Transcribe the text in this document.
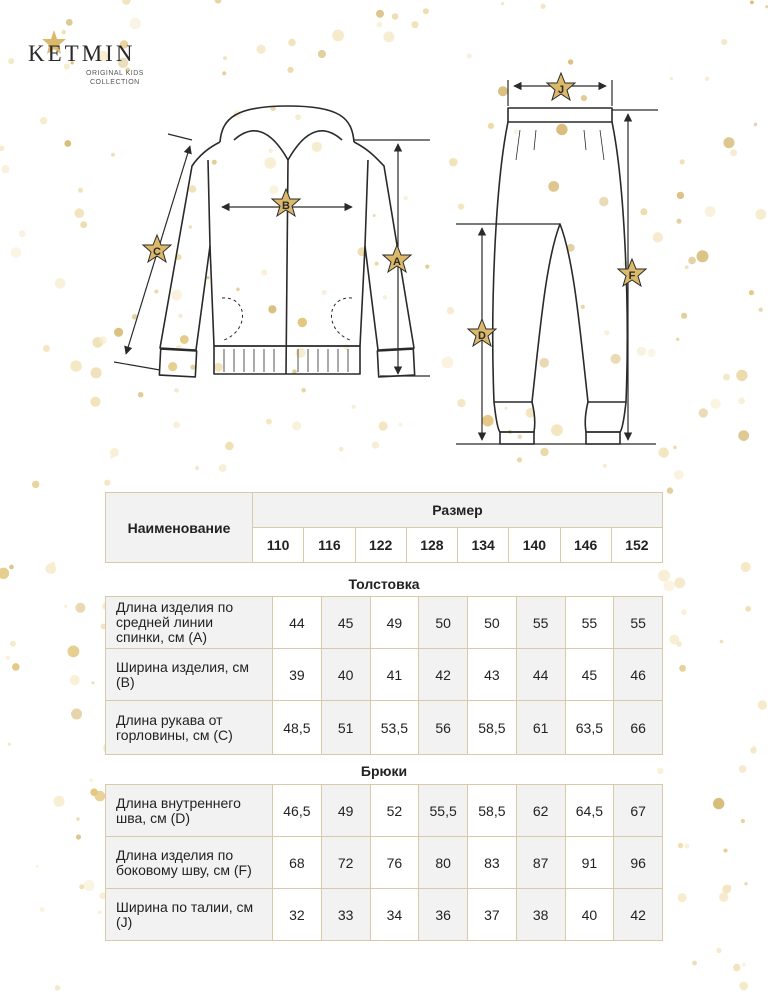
KETMIN
ORIGINAL KIDS
COLLECTION
A
B
C
J
D
F
Наименование	Размер							
	110	116	122	128	134	140	146	152
Толстовка
Длина изделия по средней линии спинки, см (A)	44	45	49	50	50	55	55	55
Ширина изделия, см (B)	39	40	41	42	43	44	45	46
Длина рукава от горловины, см (C)	48,5	51	53,5	56	58,5	61	63,5	66
Брюки
Длина внутреннего шва, см (D)	46,5	49	52	55,5	58,5	62	64,5	67
Длина изделия по боковому шву, см (F)	68	72	76	80	83	87	91	96
Ширина по талии, см (J)	32	33	34	36	37	38	40	42
